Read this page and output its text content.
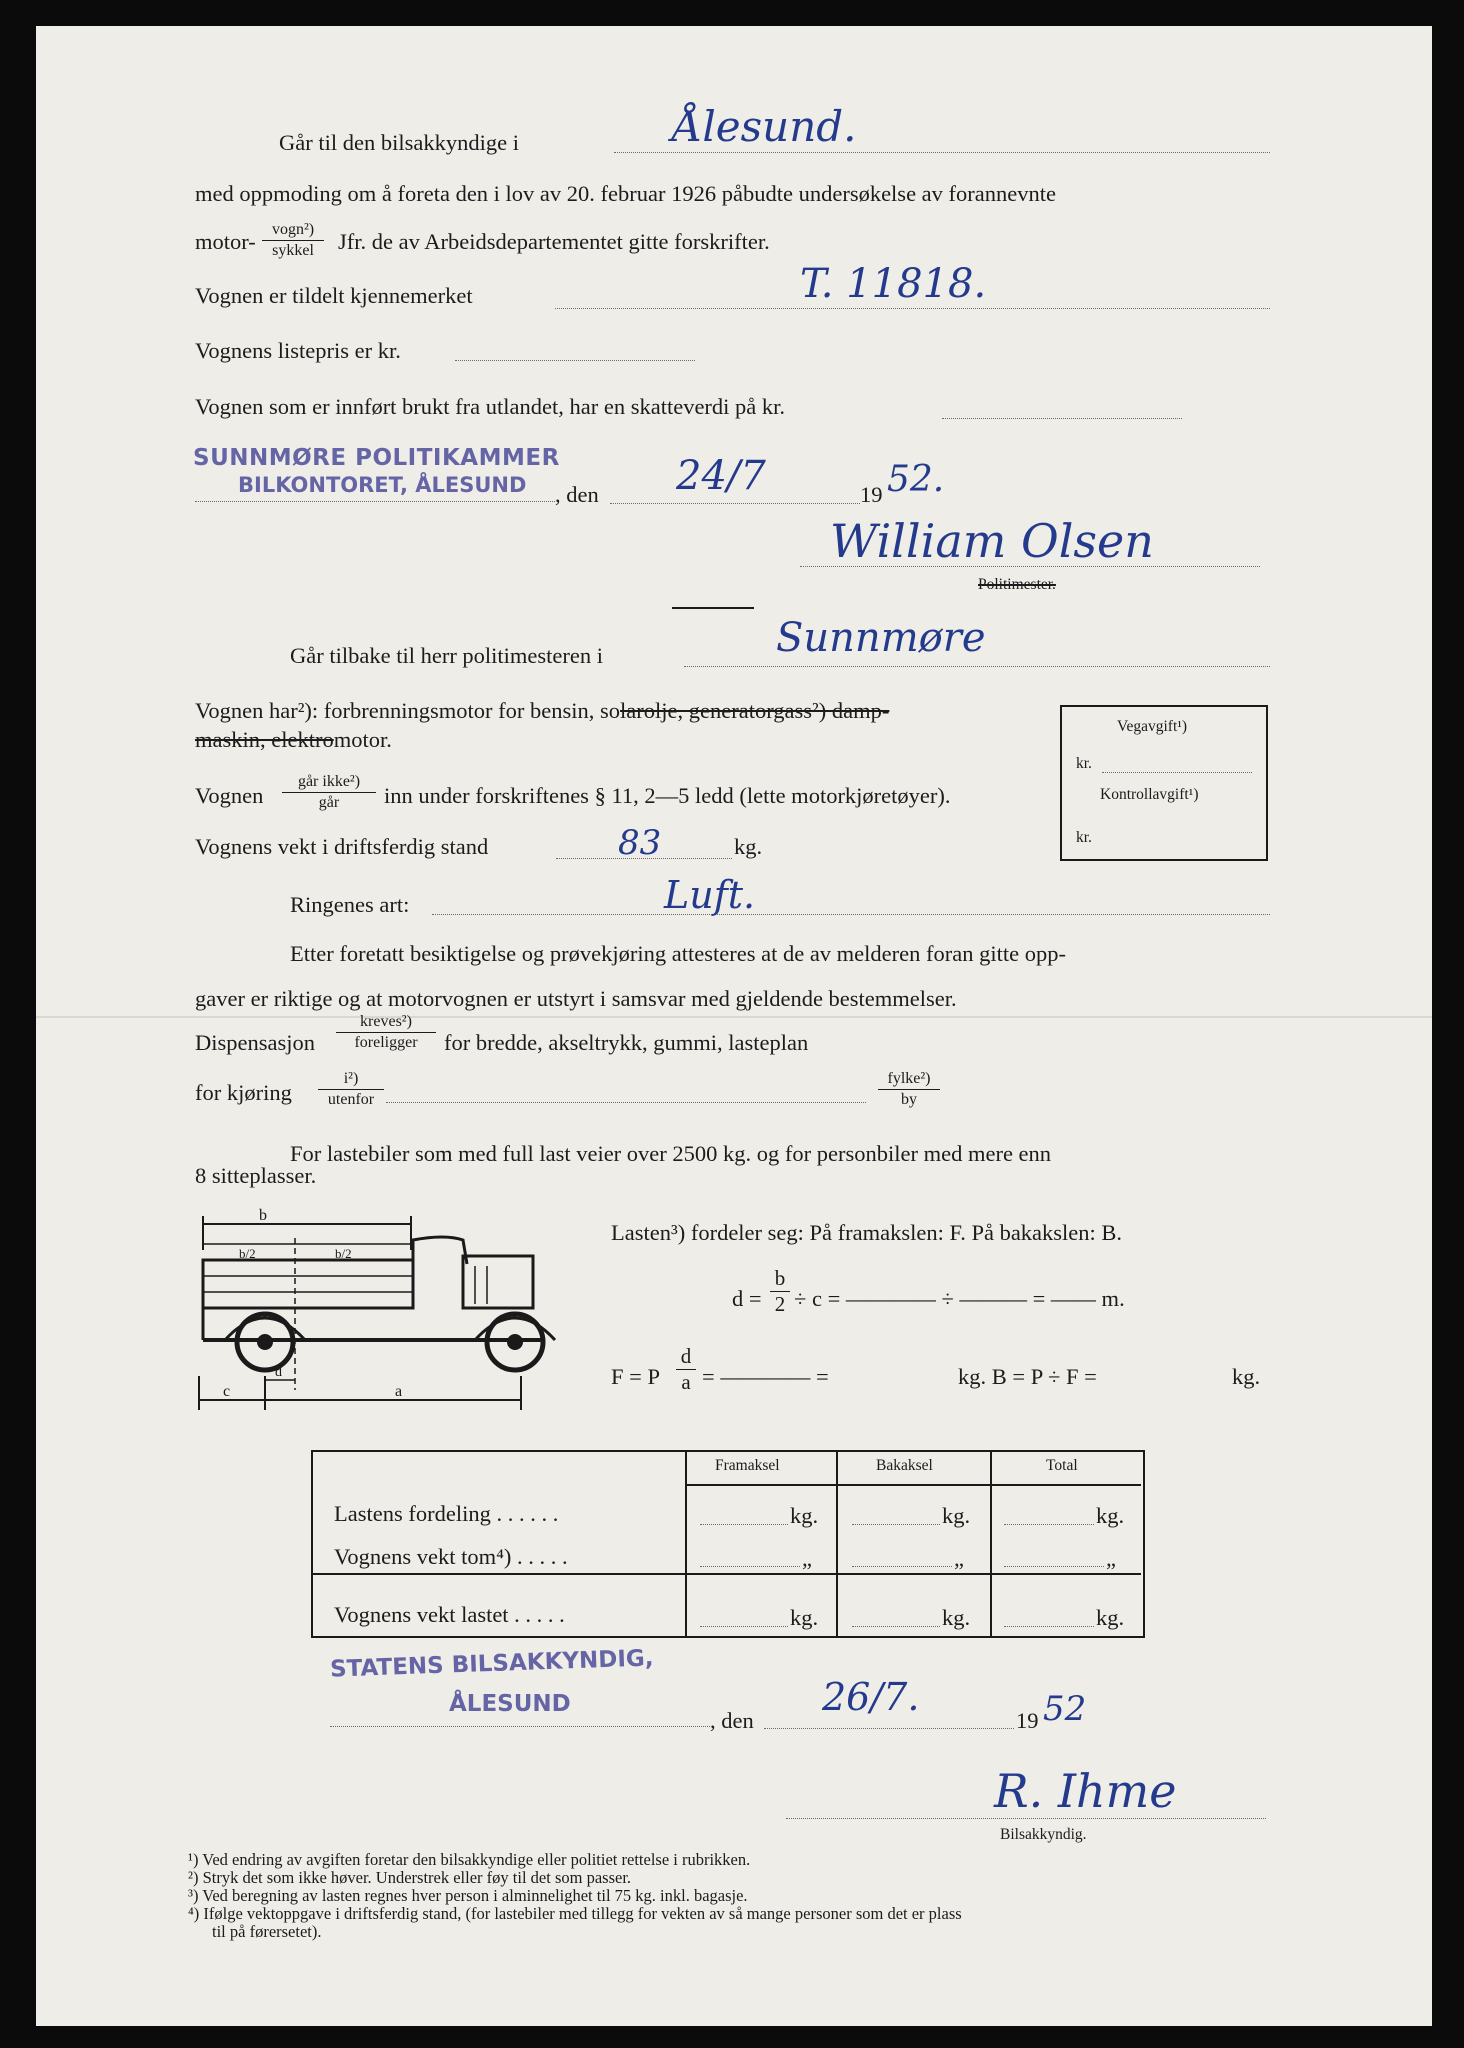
Går til den bilsakkyndige i	Ålesund.
med oppmoding om å foreta den i lov av 20. februar 1926 påbudte undersøkelse av forannevnte
motor-	vogn²)
sykkel	Jfr. de av Arbeidsdepartementet gitte forskrifter.
Vognen er tildelt kjennemerket	T. 11818.
Vognens listepris er kr.
Vognen som er innført brukt fra utlandet, har en skatteverdi på kr.
SUNNMØRE POLITIKAMMER
BILKONTORET, ÅLESUND , den 24/7	19 52.
William Olsen
Politimester.
Går tilbake til herr politimesteren i	Sunnmøre
Vognen har²): forbrenningsmotor for bensin, solarolje, generatorgass²) damp-
maskin, elektromotor.
Vognen
går ikke²)
går	inn under forskriftenes § 11, 2—5 ledd (lette motorkjøretøyer).
Vognens vekt i driftsferdig stand	83	kg.
Ringenes art:	Luft.
Vegavgift¹)
kr.
Kontrollavgift¹)
kr.
Etter foretatt besiktigelse og prøvekjøring attesteres at de av melderen foran gitte opp-
gaver er riktige og at motorvognen er utstyrt i samsvar med gjeldende bestemmelser.
Dispensasjon
kreves²)
foreligger	for bredde, akseltrykk, gummi, lasteplan
for kjøring
i²)
utenfor
fylke²)
by
For lastebiler som med full last veier over 2500 kg. og for personbiler med mere enn
8 sitteplasser.
b
b/2	b/2
c
d
a
Lasten³) fordeler seg: På framakslen: F. På bakakslen: B.
$d = \frac{b}{2} \div c$ = ———— ÷ ——— = —— m.
F = P $\frac{d}{a}$ = ———— =	kg. B = P ÷ F =	kg.
Framaksel	Bakaksel	Total
Lastens fordeling . . . . . .	kg.	kg.	kg.
Vognens vekt tom⁴) . . . . .	„	„	„
Vognens vekt lastet . . . . .	kg.	kg.	kg.
STATENS BILSAKKYNDIG,
ÅLESUND
, den
26/7.
19 52
R. Ihme
Bilsakkyndig.
¹) Ved endring av avgiften foretar den bilsakkyndige eller politiet rettelse i rubrikken.
²) Stryk det som ikke høver. Understrek eller føy til det som passer.
³) Ved beregning av lasten regnes hver person i alminnelighet til 75 kg. inkl. bagasje.
⁴) Ifølge vektoppgave i driftsferdig stand, (for lastebiler med tillegg for vekten av så mange personer som det er plass
til på førersetet).
